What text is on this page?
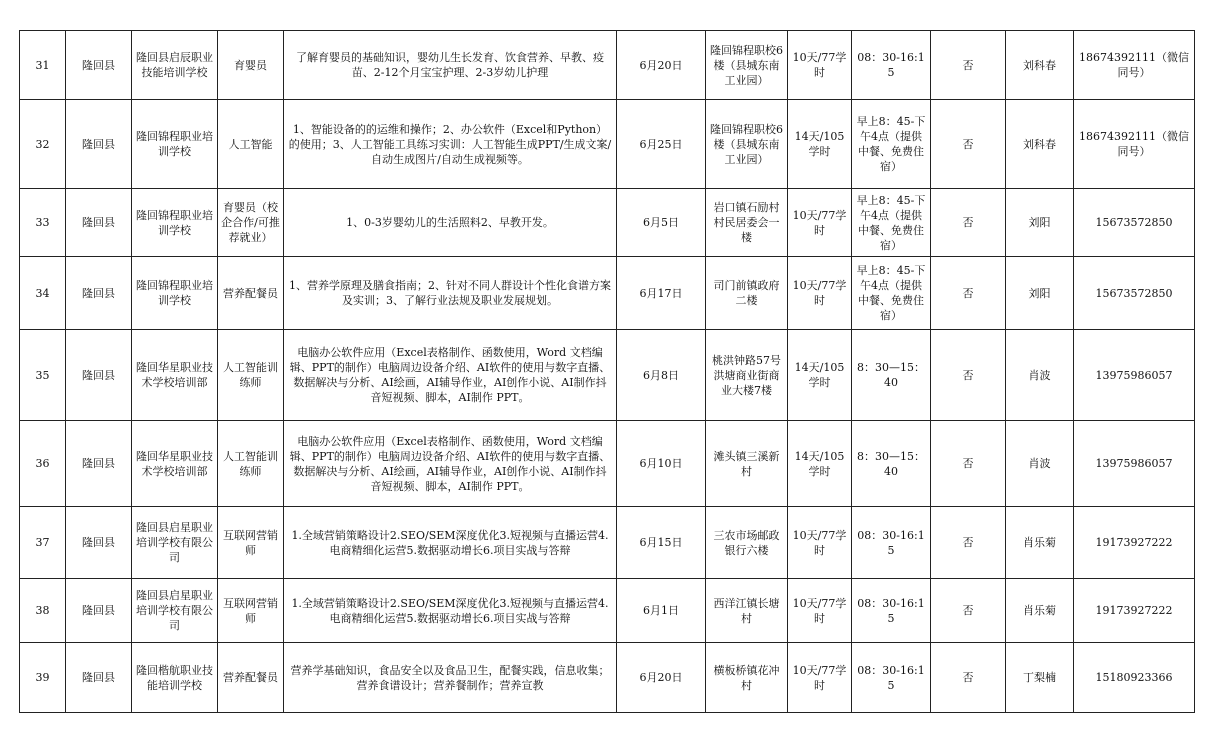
31	隆回县	隆回县启辰职业技能培训学校	育婴员	了解育婴员的基础知识，婴幼儿生长发育、饮食营养、早教、疫苗、2-12个月宝宝护理、2-3岁幼儿护理	6月20日	隆回锦程职校6楼（县城东南工业园）	10天/77学时	08：30-16:15	否	刘科春	18674392111（微信同号）
32	隆回县	隆回锦程职业培训学校	人工智能	1、智能设备的的运维和操作；2、办公软件（Excel和Python）的使用；3、人工智能工具练习实训：人工智能生成PPT/生成文案/自动生成图片/自动生成视频等。	6月25日	隆回锦程职校6楼（县城东南工业园）	14天/105学时	早上8：45-下午4点（提供中餐、免费住宿）	否	刘科春	18674392111（微信同号）
33	隆回县	隆回锦程职业培训学校	育婴员（校企合作/可推荐就业）	1、0-3岁婴幼儿的生活照料2、早教开发。	6月5日	岩口镇石励村村民居委会一楼	10天/77学时	早上8：45-下午4点（提供中餐、免费住宿）	否	刘阳	15673572850
34	隆回县	隆回锦程职业培训学校	营养配餐员	1、营养学原理及膳食指南；2、针对不同人群设计个性化食谱方案及实训；3、了解行业法规及职业发展规划。	6月17日	司门前镇政府二楼	10天/77学时	早上8：45-下午4点（提供中餐、免费住宿）	否	刘阳	15673572850
35	隆回县	隆回华星职业技术学校培训部	人工智能训练师	电脑办公软件应用（Excel表格制作、函数使用，Word 文档编辑、PPT的制作）电脑周边设备介绍、AI软件的使用与数字直播、数据解决与分析、AI绘画，AI辅导作业，AI创作小说、AI制作抖音短视频、脚本，AI制作 PPT。	6月8日	桃洪钟路57号洪塘商业街商业大楼7楼	14天/105学时	8：30—15：40	否	肖波	13975986057
36	隆回县	隆回华星职业技术学校培训部	人工智能训练师	电脑办公软件应用（Excel表格制作、函数使用，Word 文档编辑、PPT的制作）电脑周边设备介绍、AI软件的使用与数字直播、数据解决与分析、AI绘画，AI辅导作业，AI创作小说、AI制作抖音短视频、脚本，AI制作 PPT。	6月10日	滩头镇三溪新村	14天/105学时	8：30—15：40	否	肖波	13975986057
37	隆回县	隆回县启星职业培训学校有限公司	互联网营销师	1.全域营销策略设计2.SEO/SEM深度优化3.短视频与直播运营4.电商精细化运营5.数据驱动增长6.项目实战与答辩	6月15日	三农市场邮政银行六楼	10天/77学时	08：30-16:15	否	肖乐菊	19173927222
38	隆回县	隆回县启星职业培训学校有限公司	互联网营销师	1.全域营销策略设计2.SEO/SEM深度优化3.短视频与直播运营4.电商精细化运营5.数据驱动增长6.项目实战与答辩	6月1日	西洋江镇长塘村	10天/77学时	08：30-16:15	否	肖乐菊	19173927222
39	隆回县	隆回楷航职业技能培训学校	营养配餐员	营养学基础知识，食品安全以及食品卫生，配餐实践，信息收集；营养食谱设计；营养餐制作；营养宣教	6月20日	横板桥镇花冲村	10天/77学时	08：30-16:15	否	丁梨楠	15180923366
